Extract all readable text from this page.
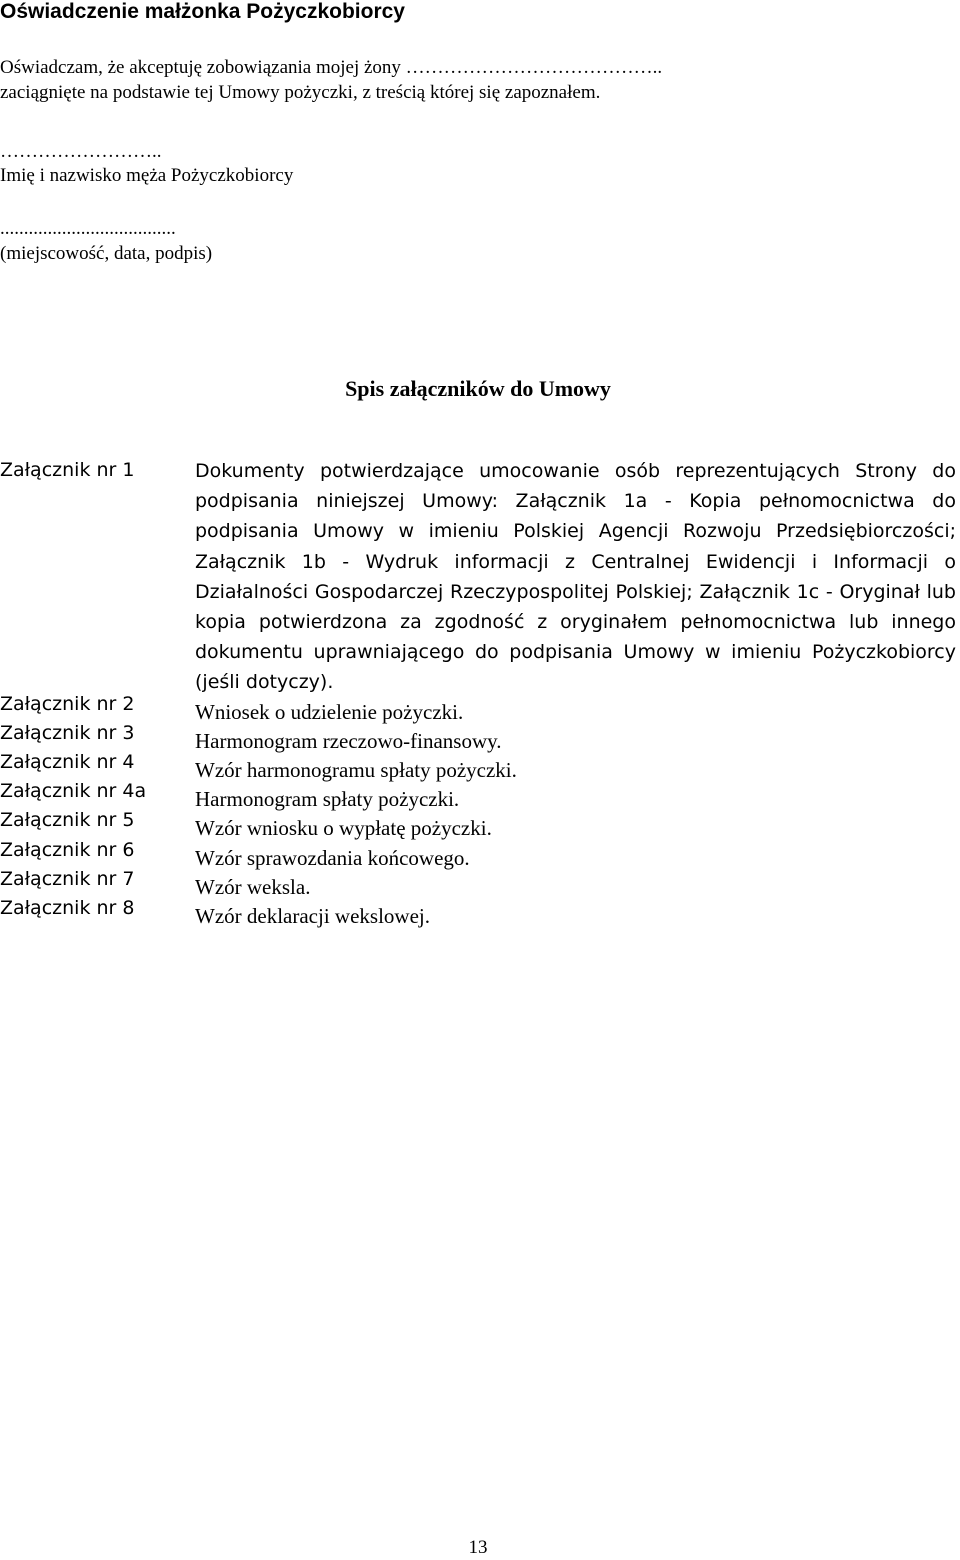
Oświadczenie małżonka Pożyczkobiorcy
Oświadczam, że akceptuję zobowiązania mojej żony …………………………………..
zaciągnięte na podstawie tej Umowy pożyczki, z treścią której się zapoznałem.
……………………..
Imię i nazwisko męża Pożyczkobiorcy
.....................................
(miejscowość, data, podpis)
Spis załączników do Umowy
Załącznik nr 1
Załącznik nr 2
Załącznik nr 3
Załącznik nr 4
Załącznik nr 4a
Załącznik nr 5
Załącznik nr 6
Załącznik nr 7
Załącznik nr 8
Dokumenty potwierdzające umocowanie osób reprezentujących Strony do podpisania niniejszej Umowy: Załącznik 1a - Kopia pełnomocnictwa do podpisania Umowy w imieniu Polskiej Agencji Rozwoju Przedsiębiorczości; Załącznik 1b - Wydruk informacji z Centralnej Ewidencji i Informacji o Działalności Gospodarczej Rzeczypospolitej Polskiej; Załącznik 1c - Oryginał lub kopia potwierdzona za zgodność z oryginałem pełnomocnictwa lub innego dokumentu uprawniającego do podpisania Umowy w imieniu Pożyczkobiorcy (jeśli dotyczy).
Wniosek o udzielenie pożyczki.
Harmonogram rzeczowo-finansowy.
Wzór harmonogramu spłaty pożyczki.
Harmonogram spłaty pożyczki.
Wzór wniosku o wypłatę pożyczki.
Wzór sprawozdania końcowego.
Wzór weksla.
Wzór deklaracji wekslowej.
13
